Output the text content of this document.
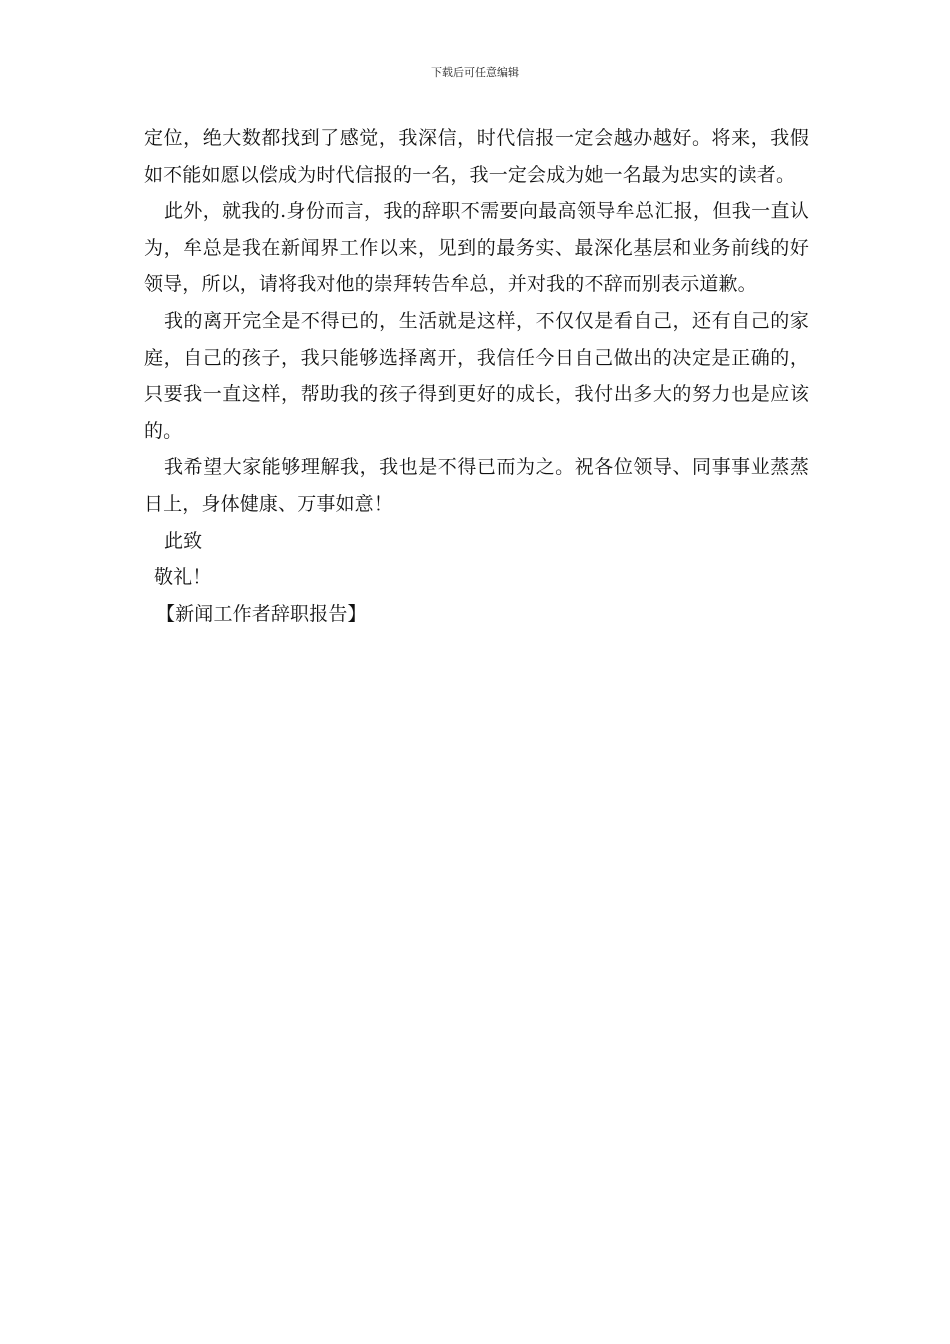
下载后可任意编辑

定位，绝大数都找到了感觉，我深信，时代信报一定会越办越好。将来，我假如不能如愿以偿成为时代信报的一名，我一定会成为她一名最为忠实的读者。

此外，就我的.身份而言，我的辞职不需要向最高领导牟总汇报，但我一直认为，牟总是我在新闻界工作以来，见到的最务实、最深化基层和业务前线的好领导，所以，请将我对他的崇拜转告牟总，并对我的不辞而别表示道歉。

我的离开完全是不得已的，生活就是这样，不仅仅是看自己，还有自己的家庭，自己的孩子，我只能够选择离开，我信任今日自己做出的决定是正确的，只要我一直这样，帮助我的孩子得到更好的成长，我付出多大的努力也是应该的。

我希望大家能够理解我，我也是不得已而为之。祝各位领导、同事事业蒸蒸日上，身体健康、万事如意！

此致

敬礼！

【新闻工作者辞职报告】
